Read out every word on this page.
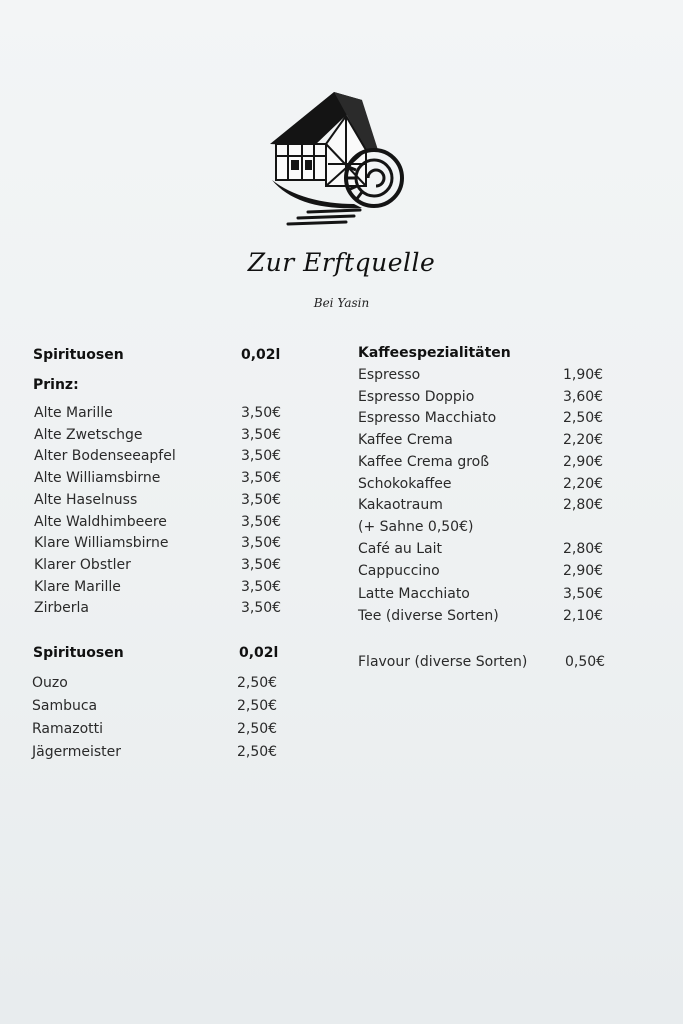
Zur Erftquelle
Bei Yasin
Spirituosen	0,02l
Prinz:
Alte Marille	3,50€
Alte Zwetschge	3,50€
Alter Bodenseeapfel	3,50€
Alte Williamsbirne	3,50€
Alte Haselnuss	3,50€
Alte Waldhimbeere	3,50€
Klare Williamsbirne	3,50€
Klarer Obstler	3,50€
Klare Marille	3,50€
Zirberla	3,50€
Spirituosen	0,02l
Ouzo	2,50€
Sambuca	2,50€
Ramazotti	2,50€
Jägermeister	2,50€
Kaffeespezialitäten
Espresso	1,90€
Espresso Doppio	3,60€
Espresso Macchiato	2,50€
Kaffee Crema	2,20€
Kaffee Crema groß	2,90€
Schokokaffee	2,20€
Kakaotraum	2,80€
Café au Lait	2,80€
Cappuccino	2,90€
Latte Macchiato	3,50€
Tee (diverse Sorten)	2,10€
(+ Sahne 0,50€)
Flavour (diverse Sorten)	0,50€
